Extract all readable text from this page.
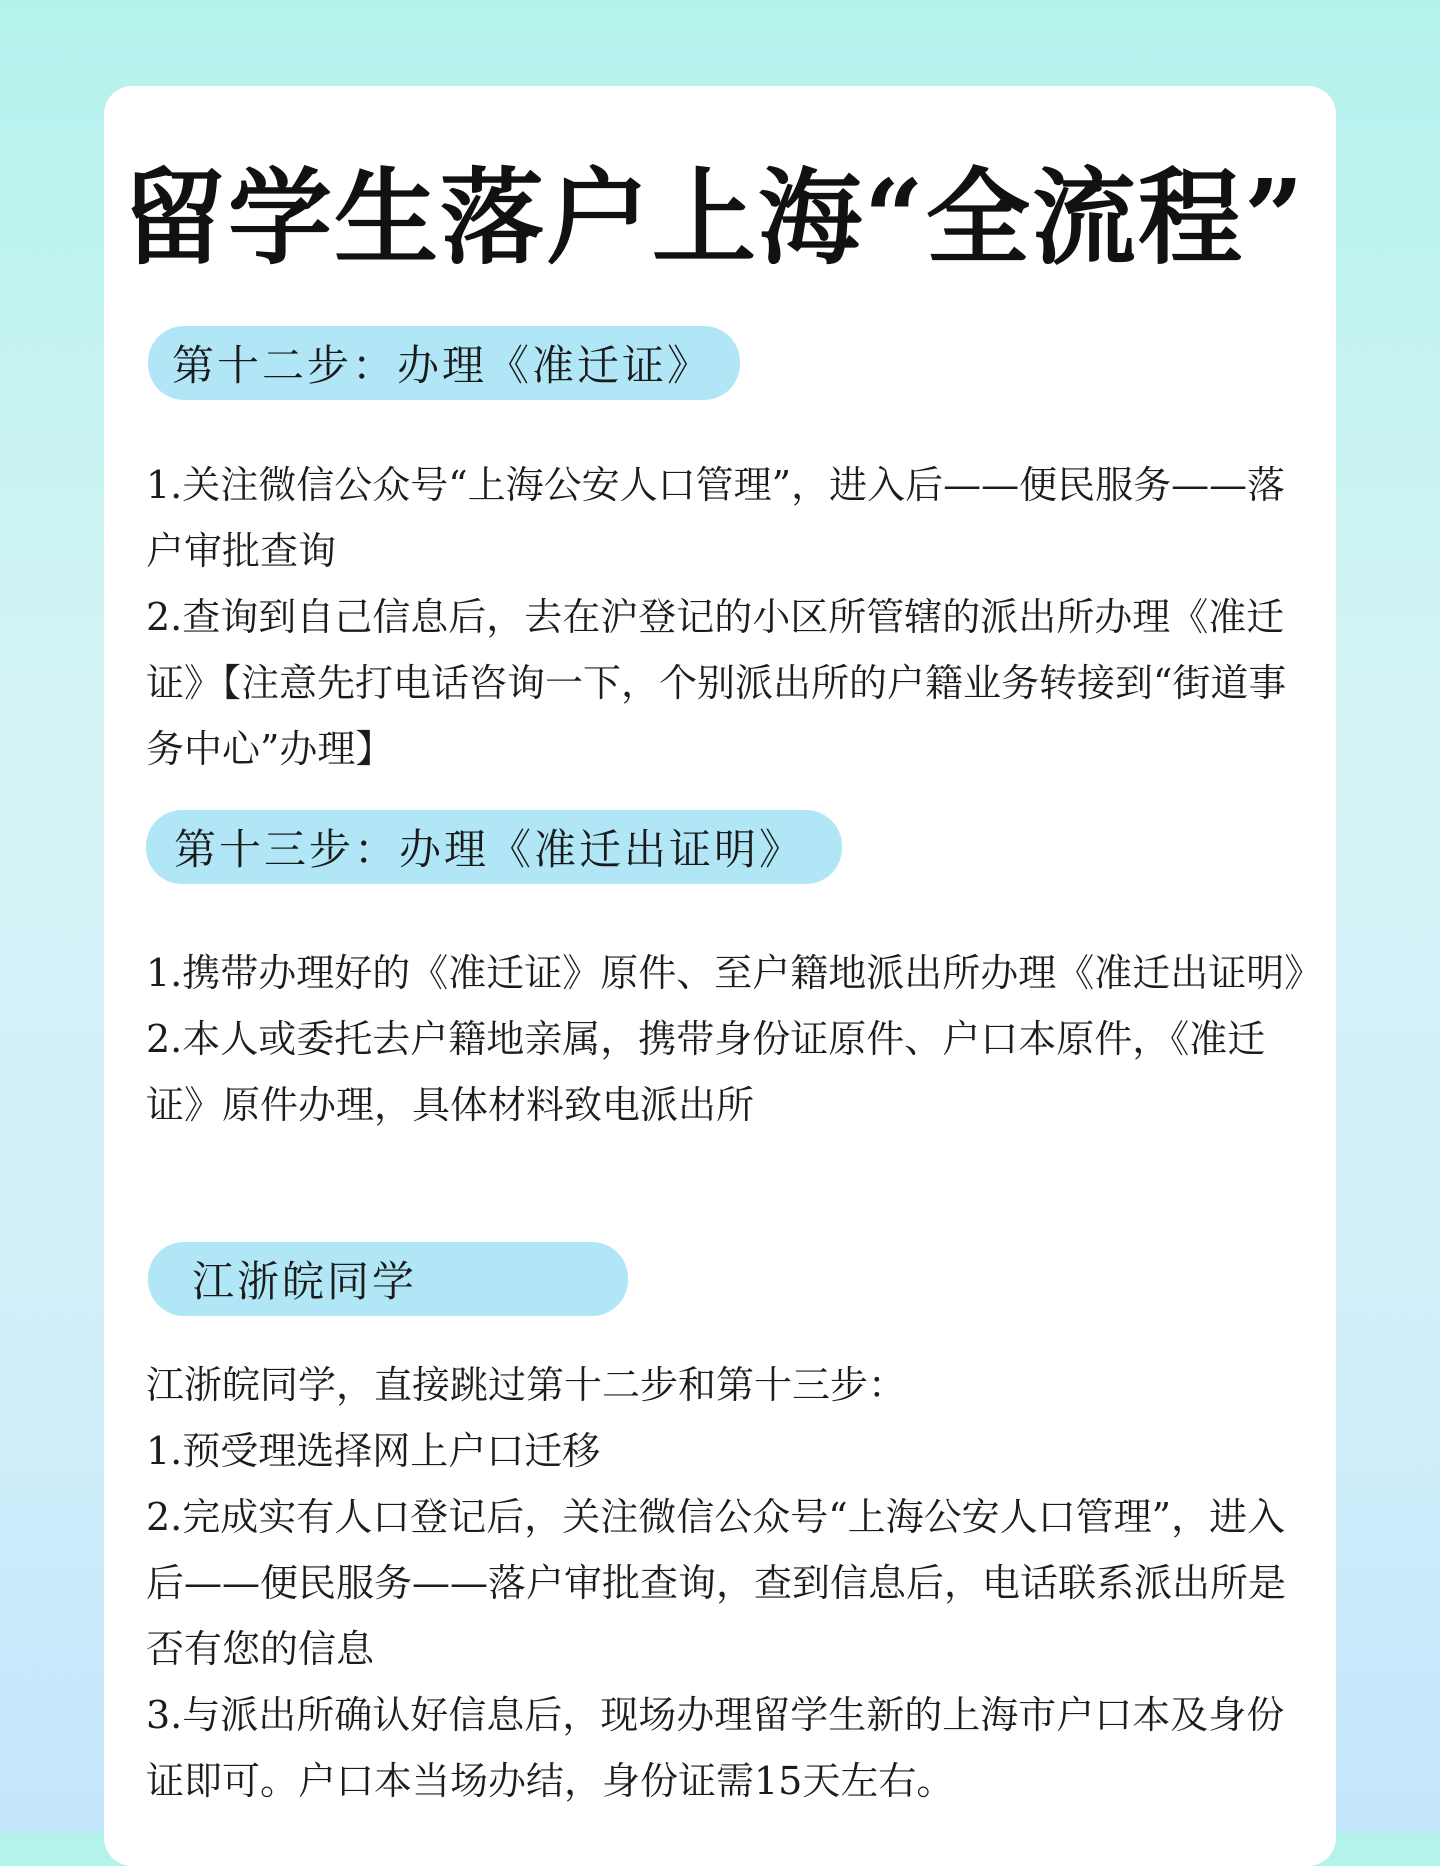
留学生落户上海“全流程”
第十二步：办理《准迁证》

1.关注微信公众号“上海公安人口管理”，进入后——便民服务——落户审批查询

2.查询到自己信息后，去在沪登记的小区所管辖的派出所办理《准迁证》【注意先打电话咨询一下，个别派出所的户籍业务转接到“街道事务中心”办理】

第十三步：办理《准迁出证明》

1.携带办理好的《准迁证》原件、至户籍地派出所办理《准迁出证明》

2.本人或委托去户籍地亲属，携带身份证原件、户口本原件，《准迁证》原件办理，具体材料致电派出所

江浙皖同学

江浙皖同学，直接跳过第十二步和第十三步：

1.预受理选择网上户口迁移

2.完成实有人口登记后，关注微信公众号“上海公安人口管理”，进入后——便民服务——落户审批查询，查到信息后，电话联系派出所是否有您的信息

3.与派出所确认好信息后，现场办理留学生新的上海市户口本及身份证即可。户口本当场办结，身份证需15天左右。
